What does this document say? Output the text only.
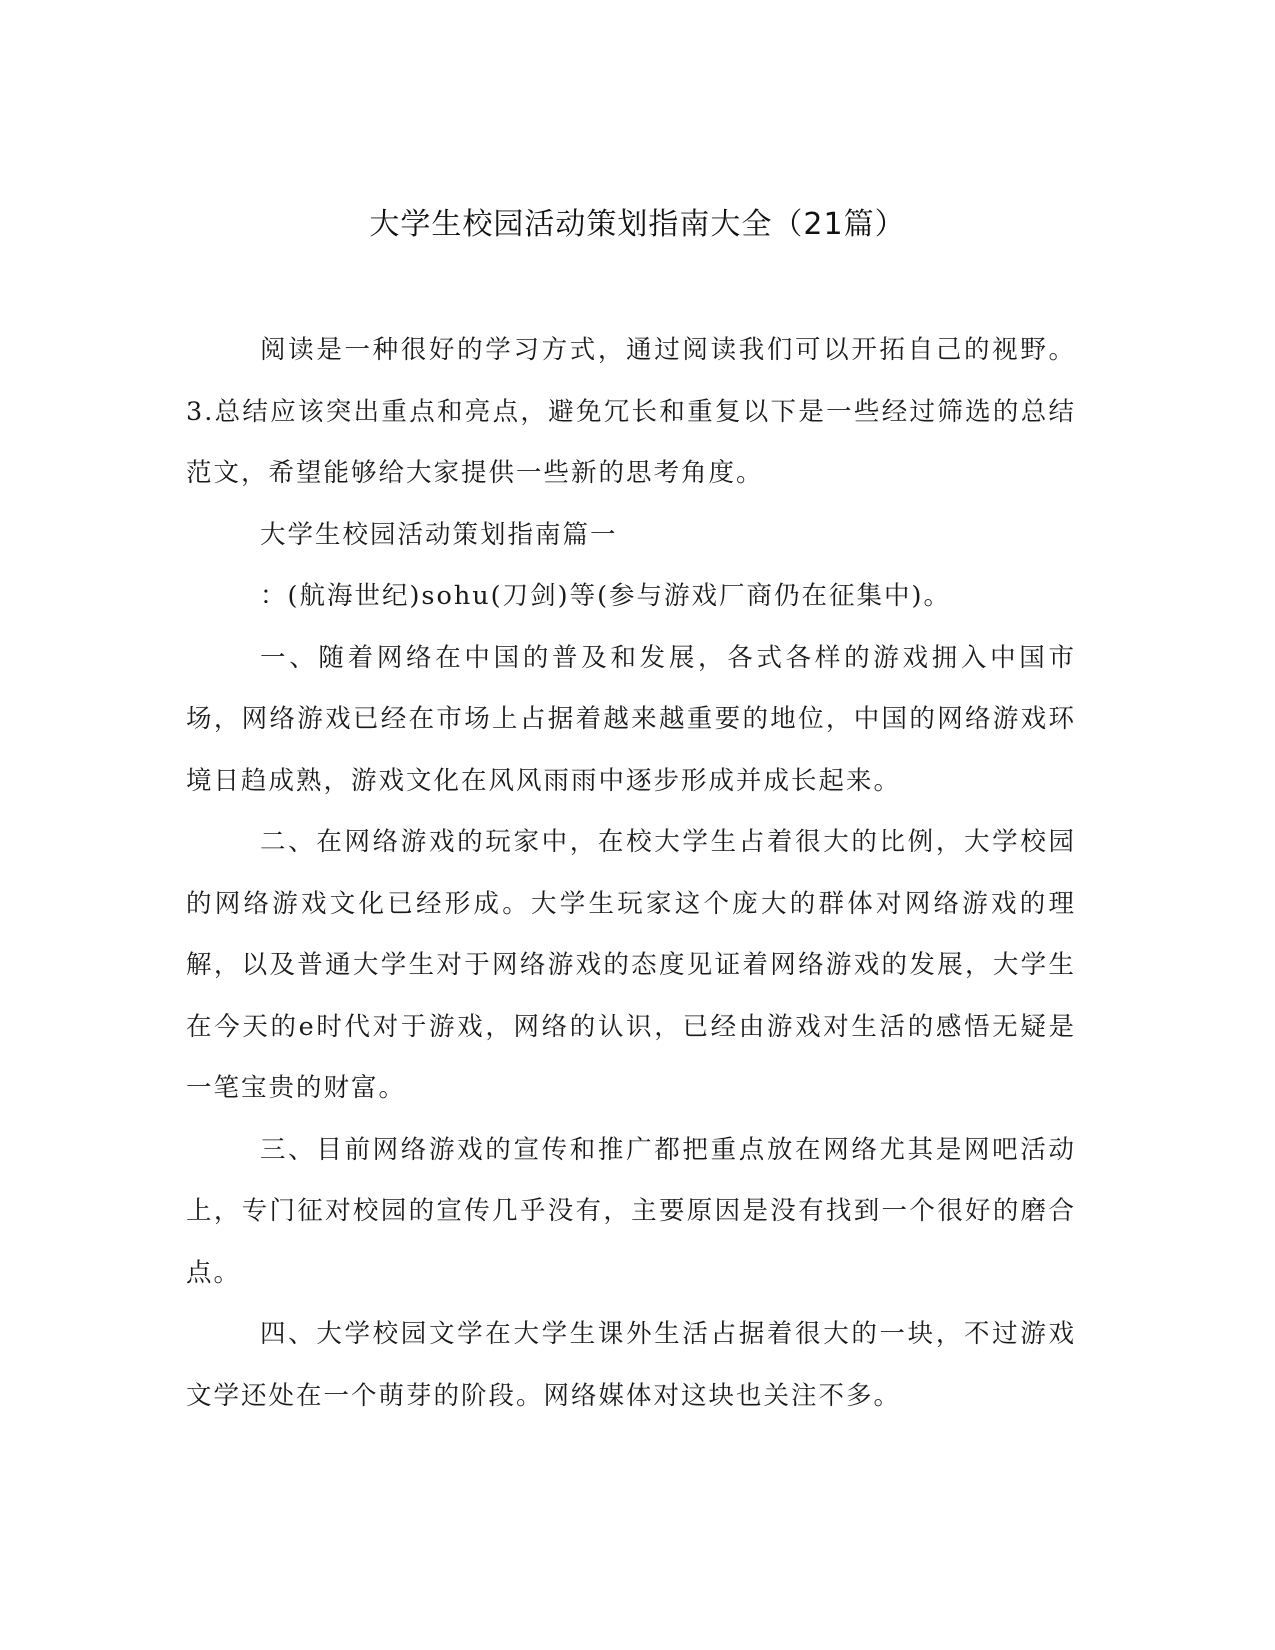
大学生校园活动策划指南大全（21篇）

阅读是一种很好的学习方式，通过阅读我们可以开拓自己的视野。3.总结应该突出重点和亮点，避免冗长和重复以下是一些经过筛选的总结范文，希望能够给大家提供一些新的思考角度。

大学生校园活动策划指南篇一

：(航海世纪)sohu(刀剑)等(参与游戏厂商仍在征集中)。

一、随着网络在中国的普及和发展，各式各样的游戏拥入中国市场，网络游戏已经在市场上占据着越来越重要的地位，中国的网络游戏环境日趋成熟，游戏文化在风风雨雨中逐步形成并成长起来。

二、在网络游戏的玩家中，在校大学生占着很大的比例，大学校园的网络游戏文化已经形成。大学生玩家这个庞大的群体对网络游戏的理解，以及普通大学生对于网络游戏的态度见证着网络游戏的发展，大学生在今天的e时代对于游戏，网络的认识，已经由游戏对生活的感悟无疑是一笔宝贵的财富。

三、目前网络游戏的宣传和推广都把重点放在网络尤其是网吧活动上，专门征对校园的宣传几乎没有，主要原因是没有找到一个很好的磨合点。

四、大学校园文学在大学生课外生活占据着很大的一块，不过游戏文学还处在一个萌芽的阶段。网络媒体对这块也关注不多。
